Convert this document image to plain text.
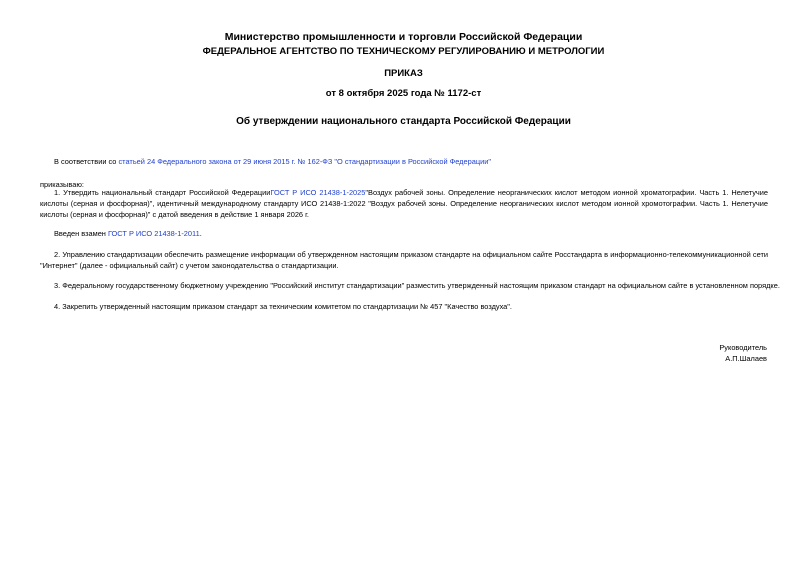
Министерство промышленности и торговли Российской Федерации
ФЕДЕРАЛЬНОЕ АГЕНТСТВО ПО ТЕХНИЧЕСКОМУ РЕГУЛИРОВАНИЮ И МЕТРОЛОГИИ
ПРИКАЗ
от 8 октября 2025 года № 1172-ст
Об утверждении национального стандарта Российской Федерации
В соответствии со статьей 24 Федерального закона от 29 июня 2015 г. № 162-ФЗ "О стандартизации в Российской Федерации"
приказываю:
1. Утвердить национальный стандарт Российской ФедерацииГОСТ Р ИСО 21438-1-2025"Воздух рабочей зоны. Определение неорганических кислот методом ионной хроматографии. Часть 1. Нелетучие кислоты (серная и фосфорная)", идентичный международному стандарту ИСО 21438-1:2022 "Воздух рабочей зоны. Определение неорганических кислот методом ионной хромотографии. Часть 1. Нелетучие кислоты (серная и фосфорная)" с датой введения в действие 1 января 2026 г.
Введен взамен ГОСТ Р ИСО 21438-1-2011.
2. Управлению стандартизации обеспечить размещение информации об утвержденном настоящим приказом стандарте на официальном сайте Росстандарта в информационно-телекоммуникационной сети "Интернет" (далее - официальный сайт) с учетом законодательства о стандартизации.
3. Федеральному государственному бюджетному учреждению "Российский институт стандартизации" разместить утвержденный настоящим приказом стандарт на официальном сайте в установленном порядке.
4. Закрепить утвержденный настоящим приказом стандарт за техническим комитетом по стандартизации № 457 "Качество воздуха".
Руководитель
А.П.Шалаев
